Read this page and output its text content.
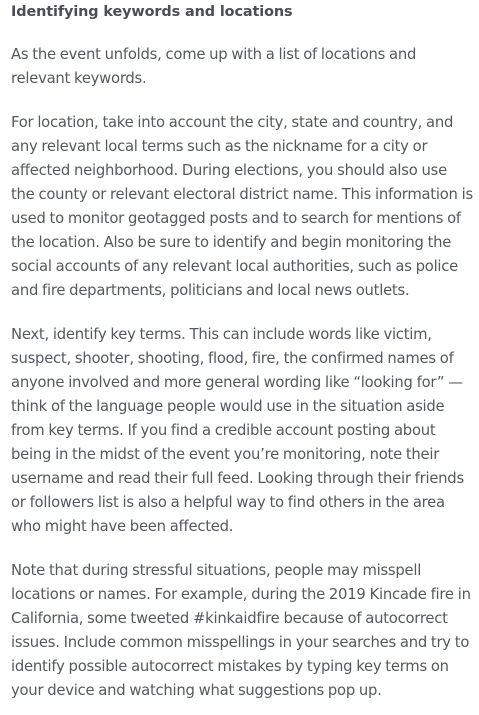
Identifying keywords and locations

As the event unfolds, come up with a list of locations and relevant keywords.

For location, take into account the city, state and country, and any relevant local terms such as the nickname for a city or affected neighborhood. During elections, you should also use the county or relevant electoral district name. This information is used to monitor geotagged posts and to search for mentions of the location. Also be sure to identify and begin monitoring the social accounts of any relevant local authorities, such as police and fire departments, politicians and local news outlets.

Next, identify key terms. This can include words like victim, suspect, shooter, shooting, flood, fire, the confirmed names of anyone involved and more general wording like “looking for” — think of the language people would use in the situation aside from key terms. If you find a credible account posting about being in the midst of the event you’re monitoring, note their username and read their full feed. Looking through their friends or followers list is also a helpful way to find others in the area who might have been affected.

Note that during stressful situations, people may misspell locations or names. For example, during the 2019 Kincade fire in California, some tweeted #kinkaidfire because of autocorrect issues. Include common misspellings in your searches and try to identify possible autocorrect mistakes by typing key terms on your device and watching what suggestions pop up.
